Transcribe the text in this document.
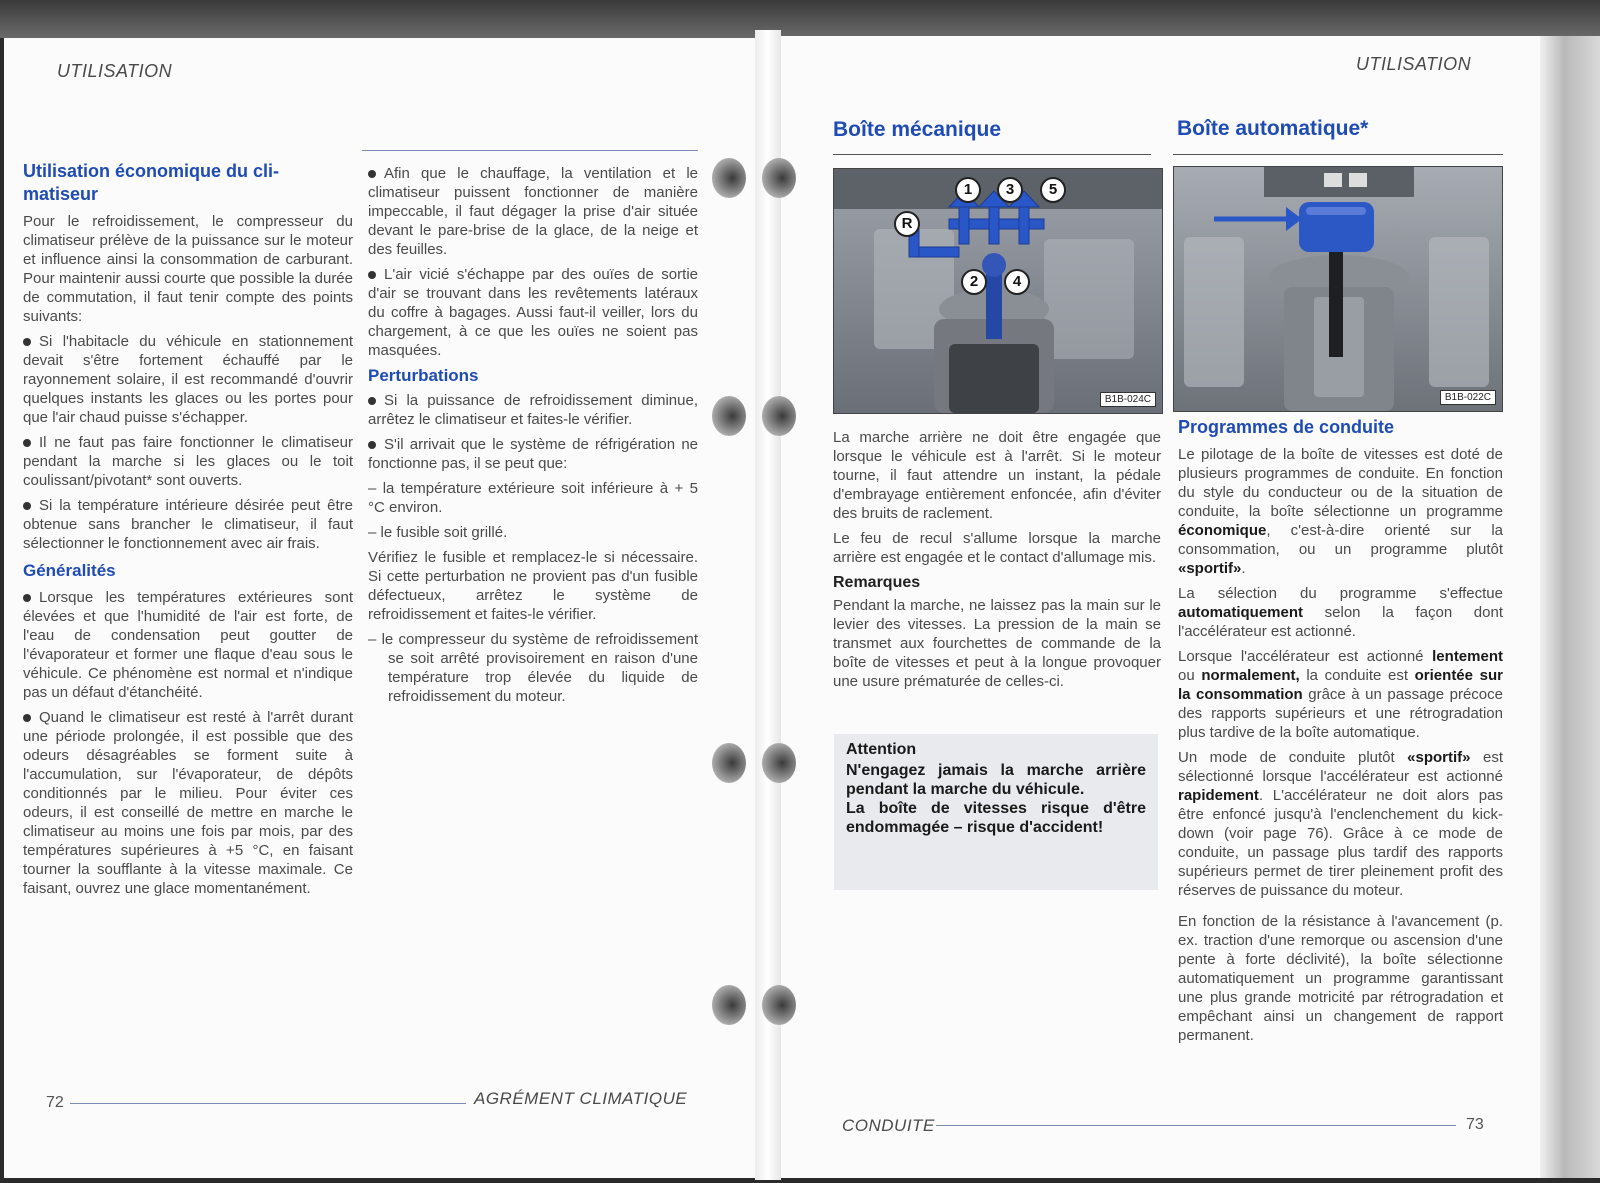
UTILISATION	UTILISATION
Utilisation économique du cli-
matiseur

Pour le refroidissement, le compresseur du climatiseur prélève de la puissance sur le moteur et influence ainsi la consommation de carburant. Pour maintenir aussi courte que possible la durée de commutation, il faut tenir compte des points suivants:

Si l'habitacle du véhicule en stationnement devait s'être fortement échauffé par le rayonnement solaire, il est recommandé d'ouvrir quelques instants les glaces ou les portes pour que l'air chaud puisse s'échapper.

Il ne faut pas faire fonctionner le climatiseur pendant la marche si les glaces ou le toit coulissant/pivotant* sont ouverts.

Si la température intérieure désirée peut être obtenue sans brancher le climatiseur, il faut sélectionner le fonctionnement avec air frais.

Généralités

Lorsque les températures extérieures sont élevées et que l'humidité de l'air est forte, de l'eau de condensation peut goutter de l'évaporateur et former une flaque d'eau sous le véhicule. Ce phénomène est normal et n'indique pas un défaut d'étanchéité.

Quand le climatiseur est resté à l'arrêt durant une période prolongée, il est possible que des odeurs désagréables se forment suite à l'accumulation, sur l'évaporateur, de dépôts conditionnés par le milieu. Pour éviter ces odeurs, il est conseillé de mettre en marche le climatiseur au moins une fois par mois, par des températures supérieures à +5 °C, en faisant tourner la soufflante à la vitesse maximale. Ce faisant, ouvrez une glace momentanément.

Afin que le chauffage, la ventilation et le climatiseur puissent fonctionner de manière impeccable, il faut dégager la prise d'air située devant le pare-brise de la glace, de la neige et des feuilles.

L'air vicié s'échappe par des ouïes de sortie d'air se trouvant dans les revêtements latéraux du coffre à bagages. Aussi faut-il veiller, lors du chargement, à ce que les ouïes ne soient pas masquées.

Perturbations

Si la puissance de refroidissement diminue, arrêtez le climatiseur et faites-le vérifier.

S'il arrivait que le système de réfrigération ne fonctionne pas, il se peut que:

– la température extérieure soit inférieure à + 5 °C environ.

– le fusible soit grillé.

Vérifiez le fusible et remplacez-le si nécessaire. Si cette perturbation ne provient pas d'un fusible défectueux, arrêtez le système de refroidissement et faites-le vérifier.

– le compresseur du système de refroidissement se soit arrêté provisoirement en raison d'une température trop élevée du liquide de refroidissement du moteur.

72	AGRÉMENT CLIMATIQUE
Boîte mécanique	Boîte automatique*
B1B-024C
1	3	5
2	4
R
B1B-022C

La marche arrière ne doit être engagée que lorsque le véhicule est à l'arrêt. Si le moteur tourne, il faut attendre un instant, la pédale d'embrayage entièrement enfoncée, afin d'éviter des bruits de raclement.

Le feu de recul s'allume lorsque la marche arrière est engagée et le contact d'allumage mis.

Remarques

Pendant la marche, ne laissez pas la main sur le levier des vitesses. La pression de la main se transmet aux fourchettes de commande de la boîte de vitesses et peut à la longue provoquer une usure prématurée de celles-ci.

Attention
N'engagez jamais la marche arrière pendant la marche du véhicule.
La boîte de vitesses risque d'être endommagée – risque d'accident!
Programmes de conduite

Le pilotage de la boîte de vitesses est doté de plusieurs programmes de conduite. En fonction du style du conducteur ou de la situation de conduite, la boîte sélectionne un programme économique, c'est-à-dire orienté sur la consommation, ou un programme plutôt «sportif».

La sélection du programme s'effectue automatiquement selon la façon dont l'accélérateur est actionné.

Lorsque l'accélérateur est actionné lentement ou normalement, la conduite est orientée sur la consommation grâce à un passage précoce des rapports supérieurs et une rétrogradation plus tardive de la boîte automatique.

Un mode de conduite plutôt «sportif» est sélectionné lorsque l'accélérateur est actionné rapidement. L'accélérateur ne doit alors pas être enfoncé jusqu'à l'enclenchement du kick-down (voir page 76). Grâce à ce mode de conduite, un passage plus tardif des rapports supérieurs permet de tirer pleinement profit des réserves de puissance du moteur.

En fonction de la résistance à l'avancement (p. ex. traction d'une remorque ou ascension d'une pente à forte déclivité), la boîte sélectionne automatiquement un programme garantissant une plus grande motricité par rétrogradation et empêchant ainsi un changement de rapport permanent.

CONDUITE	73
